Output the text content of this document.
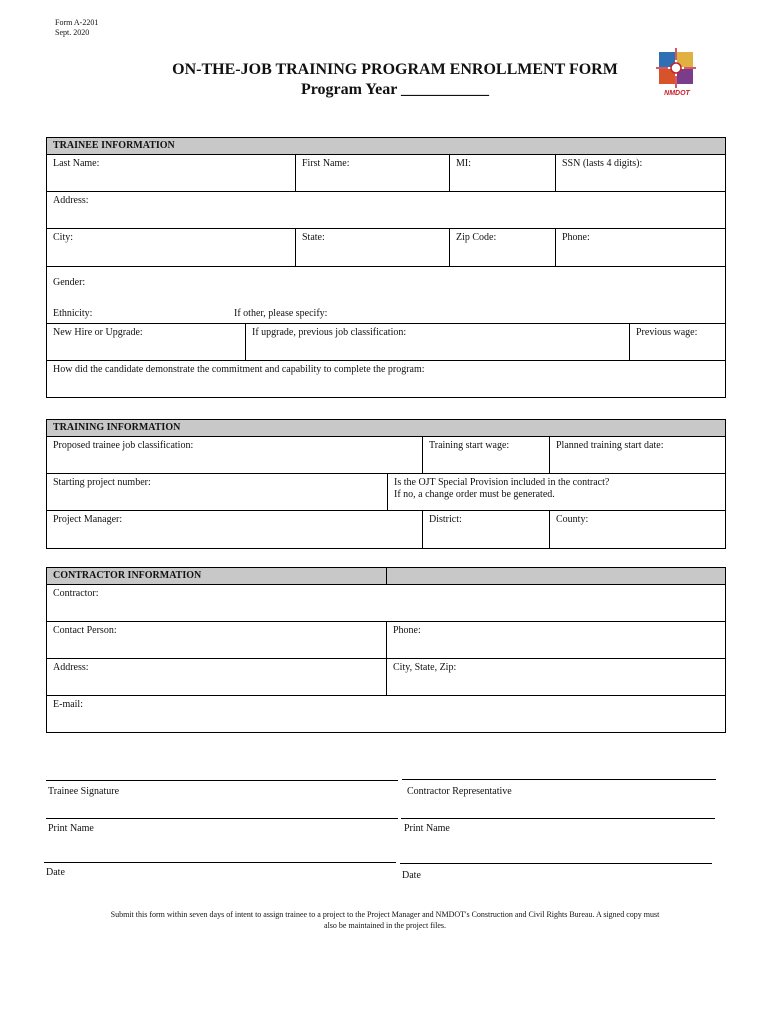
Form A-2201
Sept. 2020
ON-THE-JOB TRAINING PROGRAM ENROLLMENT FORM
Program Year ___________	NMDOT
TRAINEE INFORMATION
Last Name:	First Name:	MI:	SSN (lasts 4 digits):
Address:
City:	State:	Zip Code:	Phone:
Gender:
Ethnicity:	If other, please specify:
New Hire or Upgrade:	If upgrade, previous job classification:	Previous wage:
How did the candidate demonstrate the commitment and capability to complete the program:
TRAINING INFORMATION
Proposed trainee job classification:	Training start wage:	Planned training start date:
Starting project number:	Is the OJT Special Provision included in the contract?
If no, a change order must be generated.
Project Manager:	District:	County:
CONTRACTOR INFORMATION
Contractor:
Contact Person:	Phone:
Address:	City, State, Zip:
E-mail:
Trainee Signature	Contractor Representative
Print Name	Print Name
Date	Date
Submit this form within seven days of intent to assign trainee to a project to the Project Manager and NMDOT's Construction and Civil Rights Bureau. A signed copy must
also be maintained in the project files.
